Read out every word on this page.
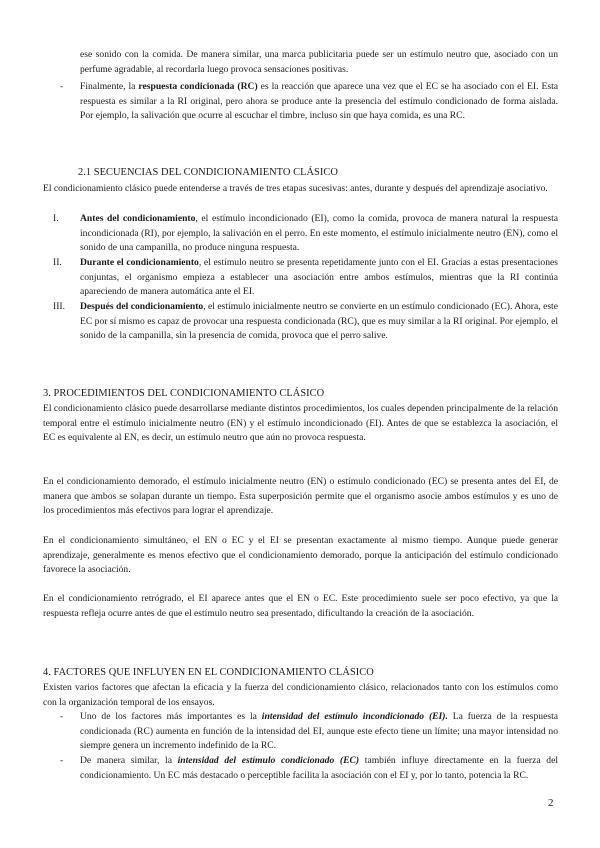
ese sonido con la comida. De manera similar, una marca publicitaria puede ser un estímulo neutro que, asociado con un perfume agradable, al recordarla luego provoca sensaciones positivas.
-	Finalmente, la respuesta condicionada (RC) es la reacción que aparece una vez que el EC se ha asociado con el EI. Esta respuesta es similar a la RI original, pero ahora se produce ante la presencia del estímulo condicionado de forma aislada. Por ejemplo, la salivación que ocurre al escuchar el timbre, incluso sin que haya comida, es una RC.
2.1 SECUENCIAS DEL CONDICIONAMIENTO CLÁSICO
El condicionamiento clásico puede entenderse a través de tres etapas sucesivas: antes, durante y después del aprendizaje asociativo.
I.	Antes del condicionamiento, el estímulo incondicionado (EI), como la comida, provoca de manera natural la respuesta incondicionada (RI), por ejemplo, la salivación en el perro. En este momento, el estímulo inicialmente neutro (EN), como el sonido de una campanilla, no produce ninguna respuesta.
II.	Durante el condicionamiento, el estímulo neutro se presenta repetidamente junto con el EI. Gracias a estas presentaciones conjuntas, el organismo empieza a establecer una asociación entre ambos estímulos, mientras que la RI continúa apareciendo de manera automática ante el EI.
III.	Después del condicionamiento, el estímulo inicialmente neutro se convierte en un estímulo condicionado (EC). Ahora, este EC por sí mismo es capaz de provocar una respuesta condicionada (RC), que es muy similar a la RI original. Por ejemplo, el sonido de la campanilla, sin la presencia de comida, provoca que el perro salive.
3. PROCEDIMIENTOS DEL CONDICIONAMIENTO CLÁSICO
El condicionamiento clásico puede desarrollarse mediante distintos procedimientos, los cuales dependen principalmente de la relación temporal entre el estímulo inicialmente neutro (EN) y el estímulo incondicionado (EI). Antes de que se establezca la asociación, el EC es equivalente al EN, es decir, un estímulo neutro que aún no provoca respuesta.
En el condicionamiento demorado, el estímulo inicialmente neutro (EN) o estímulo condicionado (EC) se presenta antes del EI, de manera que ambos se solapan durante un tiempo. Esta superposición permite que el organismo asocie ambos estímulos y es uno de los procedimientos más efectivos para lograr el aprendizaje.
En el condicionamiento simultáneo, el EN o EC y el EI se presentan exactamente al mismo tiempo. Aunque puede generar aprendizaje, generalmente es menos efectivo que el condicionamiento demorado, porque la anticipación del estímulo condicionado favorece la asociación.
En el condicionamiento retrógrado, el EI aparece antes que el EN o EC. Este procedimiento suele ser poco efectivo, ya que la respuesta refleja ocurre antes de que el estímulo neutro sea presentado, dificultando la creación de la asociación.
4. FACTORES QUE INFLUYEN EN EL CONDICIONAMIENTO CLÁSICO
Existen varios factores que afectan la eficacia y la fuerza del condicionamiento clásico, relacionados tanto con los estímulos como con la organización temporal de los ensayos.
-	Uno de los factores más importantes es la intensidad del estímulo incondicionado (EI). La fuerza de la respuesta condicionada (RC) aumenta en función de la intensidad del EI, aunque este efecto tiene un límite; una mayor intensidad no siempre genera un incremento indefinido de la RC.
-	De manera similar, la intensidad del estímulo condicionado (EC) también influye directamente en la fuerza del condicionamiento. Un EC más destacado o perceptible facilita la asociación con el EI y, por lo tanto, potencia la RC.
2
